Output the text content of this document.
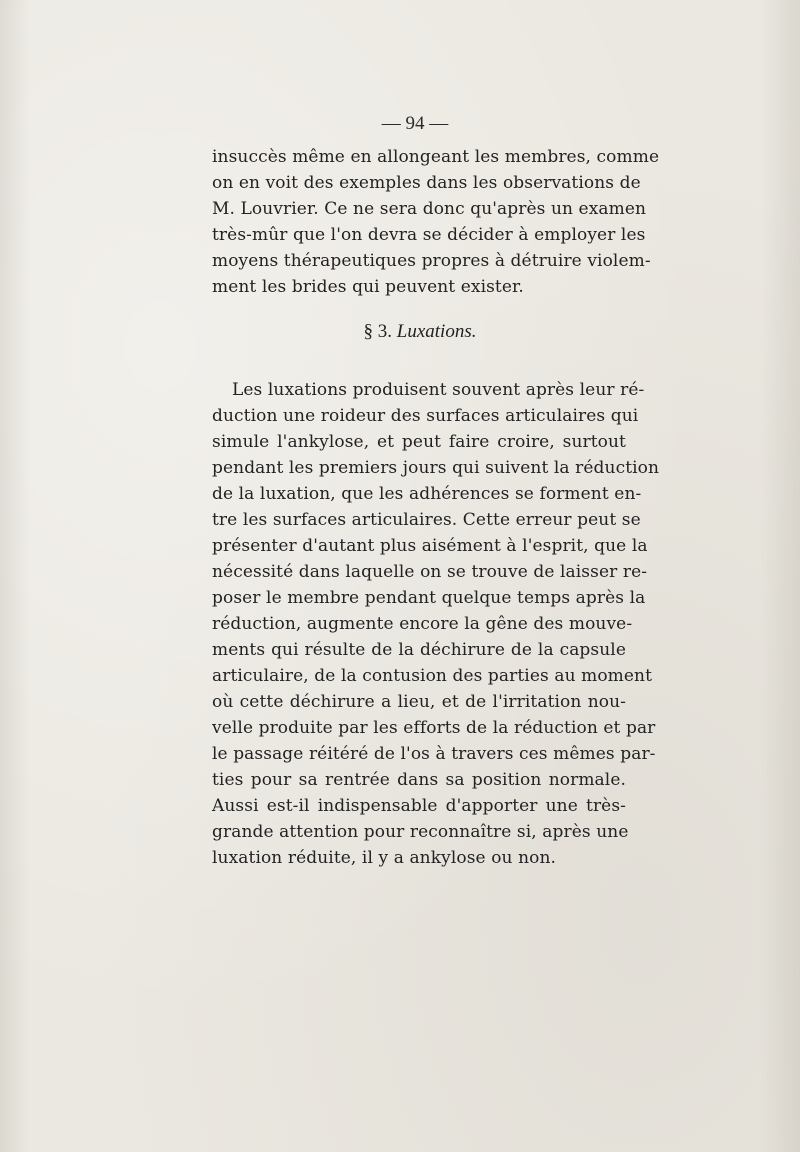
— 94 —
insuccès même en allongeant les membres, comme
on en voit des exemples dans les observations de
M. Louvrier. Ce ne sera donc qu'après un examen
très-mûr que l'on devra se décider à employer les
moyens thérapeutiques propres à détruire violem-
ment les brides qui peuvent exister.
§ 3. Luxations.
Les luxations produisent souvent après leur ré-
duction une roideur des surfaces articulaires qui
simule l'ankylose, et peut faire croire, surtout
pendant les premiers jours qui suivent la réduction
de la luxation, que les adhérences se forment en-
tre les surfaces articulaires. Cette erreur peut se
présenter d'autant plus aisément à l'esprit, que la
nécessité dans laquelle on se trouve de laisser re-
poser le membre pendant quelque temps après la
réduction, augmente encore la gêne des mouve-
ments qui résulte de la déchirure de la capsule
articulaire, de la contusion des parties au moment
où cette déchirure a lieu, et de l'irritation nou-
velle produite par les efforts de la réduction et par
le passage réitéré de l'os à travers ces mêmes par-
ties pour sa rentrée dans sa position normale.
Aussi est-il indispensable d'apporter une très-
grande attention pour reconnaître si, après une
luxation réduite, il y a ankylose ou non.
